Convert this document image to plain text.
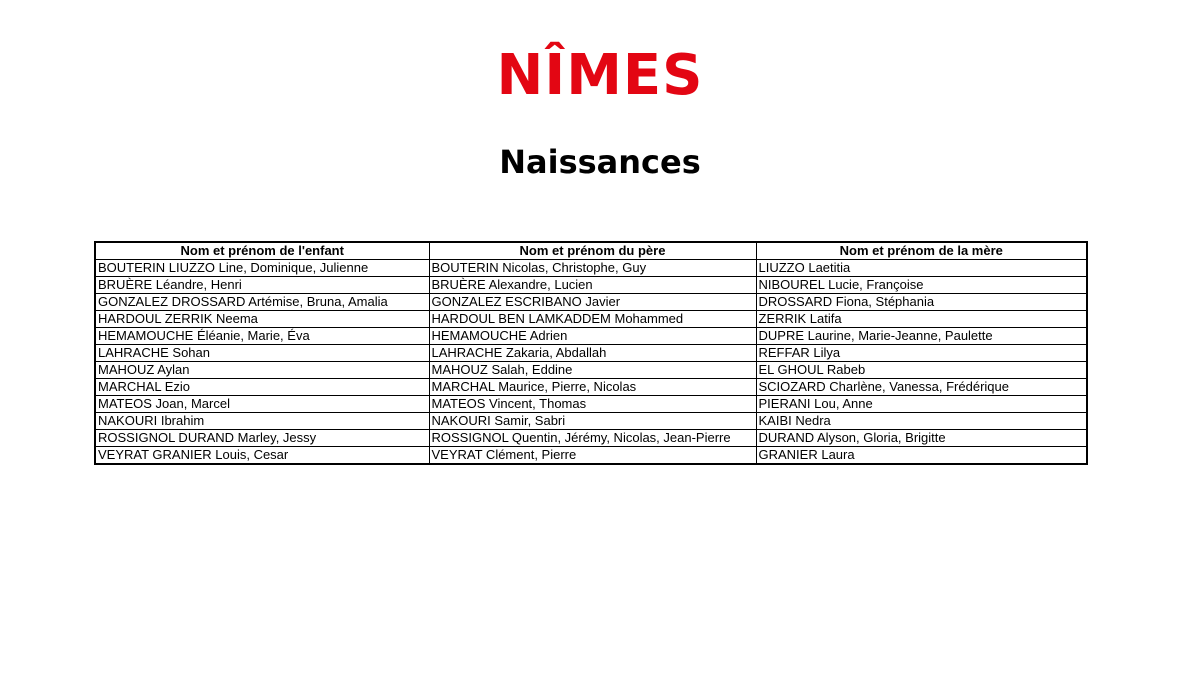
NÎMES
Naissances
Nom et prénom de l'enfant	Nom et prénom du père	Nom et prénom de la mère
BOUTERIN LIUZZO Line, Dominique, Julienne	BOUTERIN Nicolas, Christophe, Guy	LIUZZO Laetitia
BRUÈRE Léandre, Henri	BRUÈRE Alexandre, Lucien	NIBOUREL Lucie, Françoise
GONZALEZ DROSSARD Artémise, Bruna, Amalia	GONZALEZ ESCRIBANO Javier	DROSSARD Fiona, Stéphania
HARDOUL ZERRIK Neema	HARDOUL BEN LAMKADDEM Mohammed	ZERRIK Latifa
HEMAMOUCHE Éléanie, Marie, Éva	HEMAMOUCHE Adrien	DUPRE Laurine, Marie-Jeanne, Paulette
LAHRACHE Sohan	LAHRACHE Zakaria, Abdallah	REFFAR Lilya
MAHOUZ Aylan	MAHOUZ Salah, Eddine	EL GHOUL Rabeb
MARCHAL Ezio	MARCHAL Maurice, Pierre, Nicolas	SCIOZARD Charlène, Vanessa, Frédérique
MATEOS Joan, Marcel	MATEOS Vincent, Thomas	PIERANI Lou, Anne
NAKOURI Ibrahim	NAKOURI Samir, Sabri	KAIBI Nedra
ROSSIGNOL DURAND Marley, Jessy	ROSSIGNOL Quentin, Jérémy, Nicolas, Jean-Pierre	DURAND Alyson, Gloria, Brigitte
VEYRAT GRANIER Louis, Cesar	VEYRAT Clément, Pierre	GRANIER Laura
